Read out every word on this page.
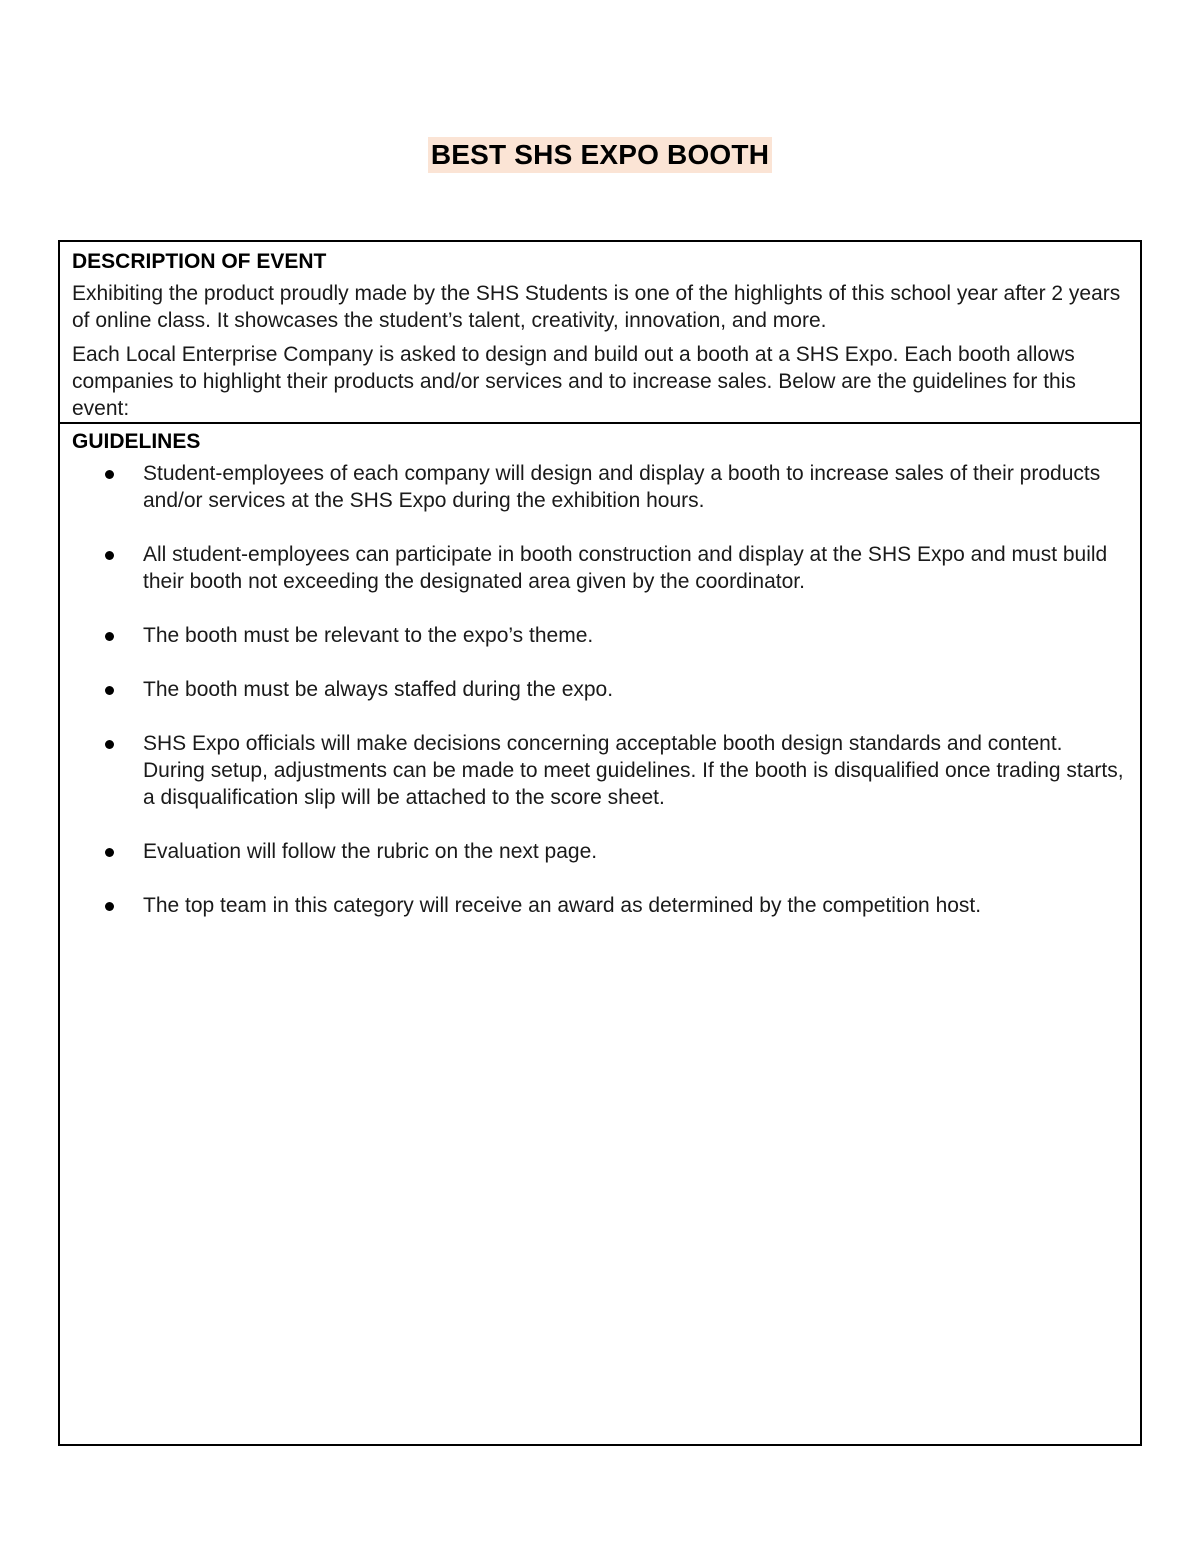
BEST SHS EXPO BOOTH

DESCRIPTION OF EVENT

Exhibiting the product proudly made by the SHS Students is one of the highlights of this school year after 2 years of online class. It showcases the student’s talent, creativity, innovation, and more.

Each Local Enterprise Company is asked to design and build out a booth at a SHS Expo. Each booth allows companies to highlight their products and/or services and to increase sales. Below are the guidelines for this event:

GUIDELINES

Student-employees of each company will design and display a booth to increase sales of their products and/or services at the SHS Expo during the exhibition hours.
All student-employees can participate in booth construction and display at the SHS Expo and must build their booth not exceeding the designated area given by the coordinator.
The booth must be relevant to the expo’s theme.
The booth must be always staffed during the expo.
SHS Expo officials will make decisions concerning acceptable booth design standards and content. During setup, adjustments can be made to meet guidelines. If the booth is disqualified once trading starts, a disqualification slip will be attached to the score sheet.
Evaluation will follow the rubric on the next page.
The top team in this category will receive an award as determined by the competition host.
